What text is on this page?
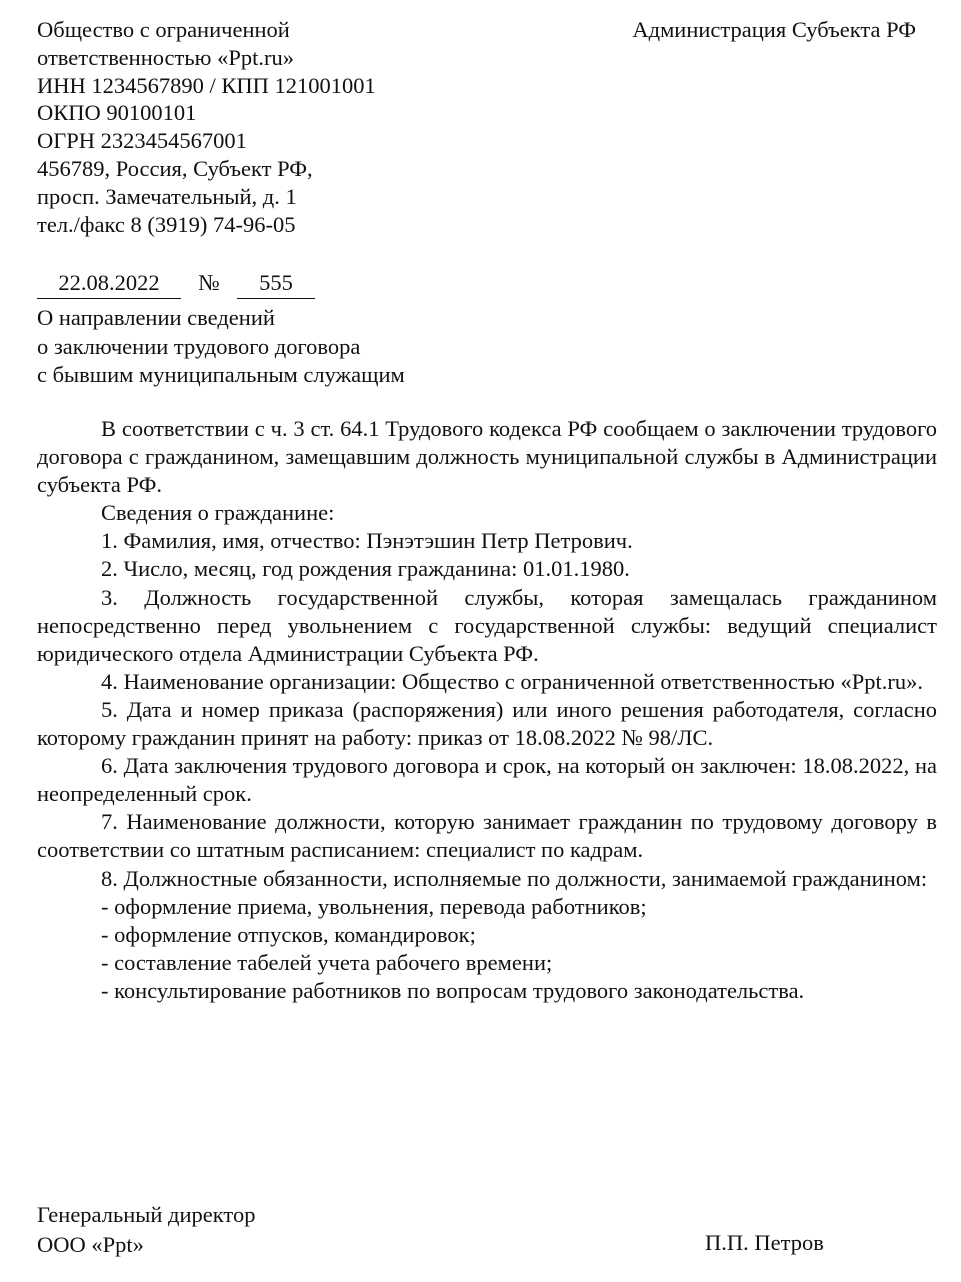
Общество с ограниченной
ответственностью «Ppt.ru»
ИНН 1234567890 / КПП 121001001
ОКПО 90100101
ОГРН 2323454567001
456789, Россия, Субъект РФ,
просп. Замечательный, д. 1
тел./факс 8 (3919) 74-96-05
Администрация Субъекта РФ
22.08.2022 № 555
О направлении сведений
о заключении трудового договора
с бывшим муниципальным служащим

В соответствии с ч. 3 ст. 64.1 Трудового кодекса РФ сообщаем о заключении трудового договора с гражданином, замещавшим должность муниципальной службы в Администрации субъекта РФ.

Сведения о гражданине:

1. Фамилия, имя, отчество: Пэнэтэшин Петр Петрович.

2. Число, месяц, год рождения гражданина: 01.01.1980.

3. Должность государственной службы, которая замещалась гражданином непосредственно перед увольнением с государственной службы: ведущий специалист юридического отдела Администрации Субъекта РФ.

4. Наименование организации: Общество с ограниченной ответственностью «Ppt.ru».

5. Дата и номер приказа (распоряжения) или иного решения работодателя, согласно которому гражданин принят на работу: приказ от 18.08.2022 № 98/ЛС.

6. Дата заключения трудового договора и срок, на который он заключен: 18.08.2022, на неопределенный срок.

7. Наименование должности, которую занимает гражданин по трудовому договору в соответствии со штатным расписанием: специалист по кадрам.

8. Должностные обязанности, исполняемые по должности, занимаемой гражданином:

- оформление приема, увольнения, перевода работников;
- оформление отпусков, командировок;
- составление табелей учета рабочего времени;
- консультирование работников по вопросам трудового законодательства.
Генеральный директор
ООО «Ppt»	П.П. Петров
